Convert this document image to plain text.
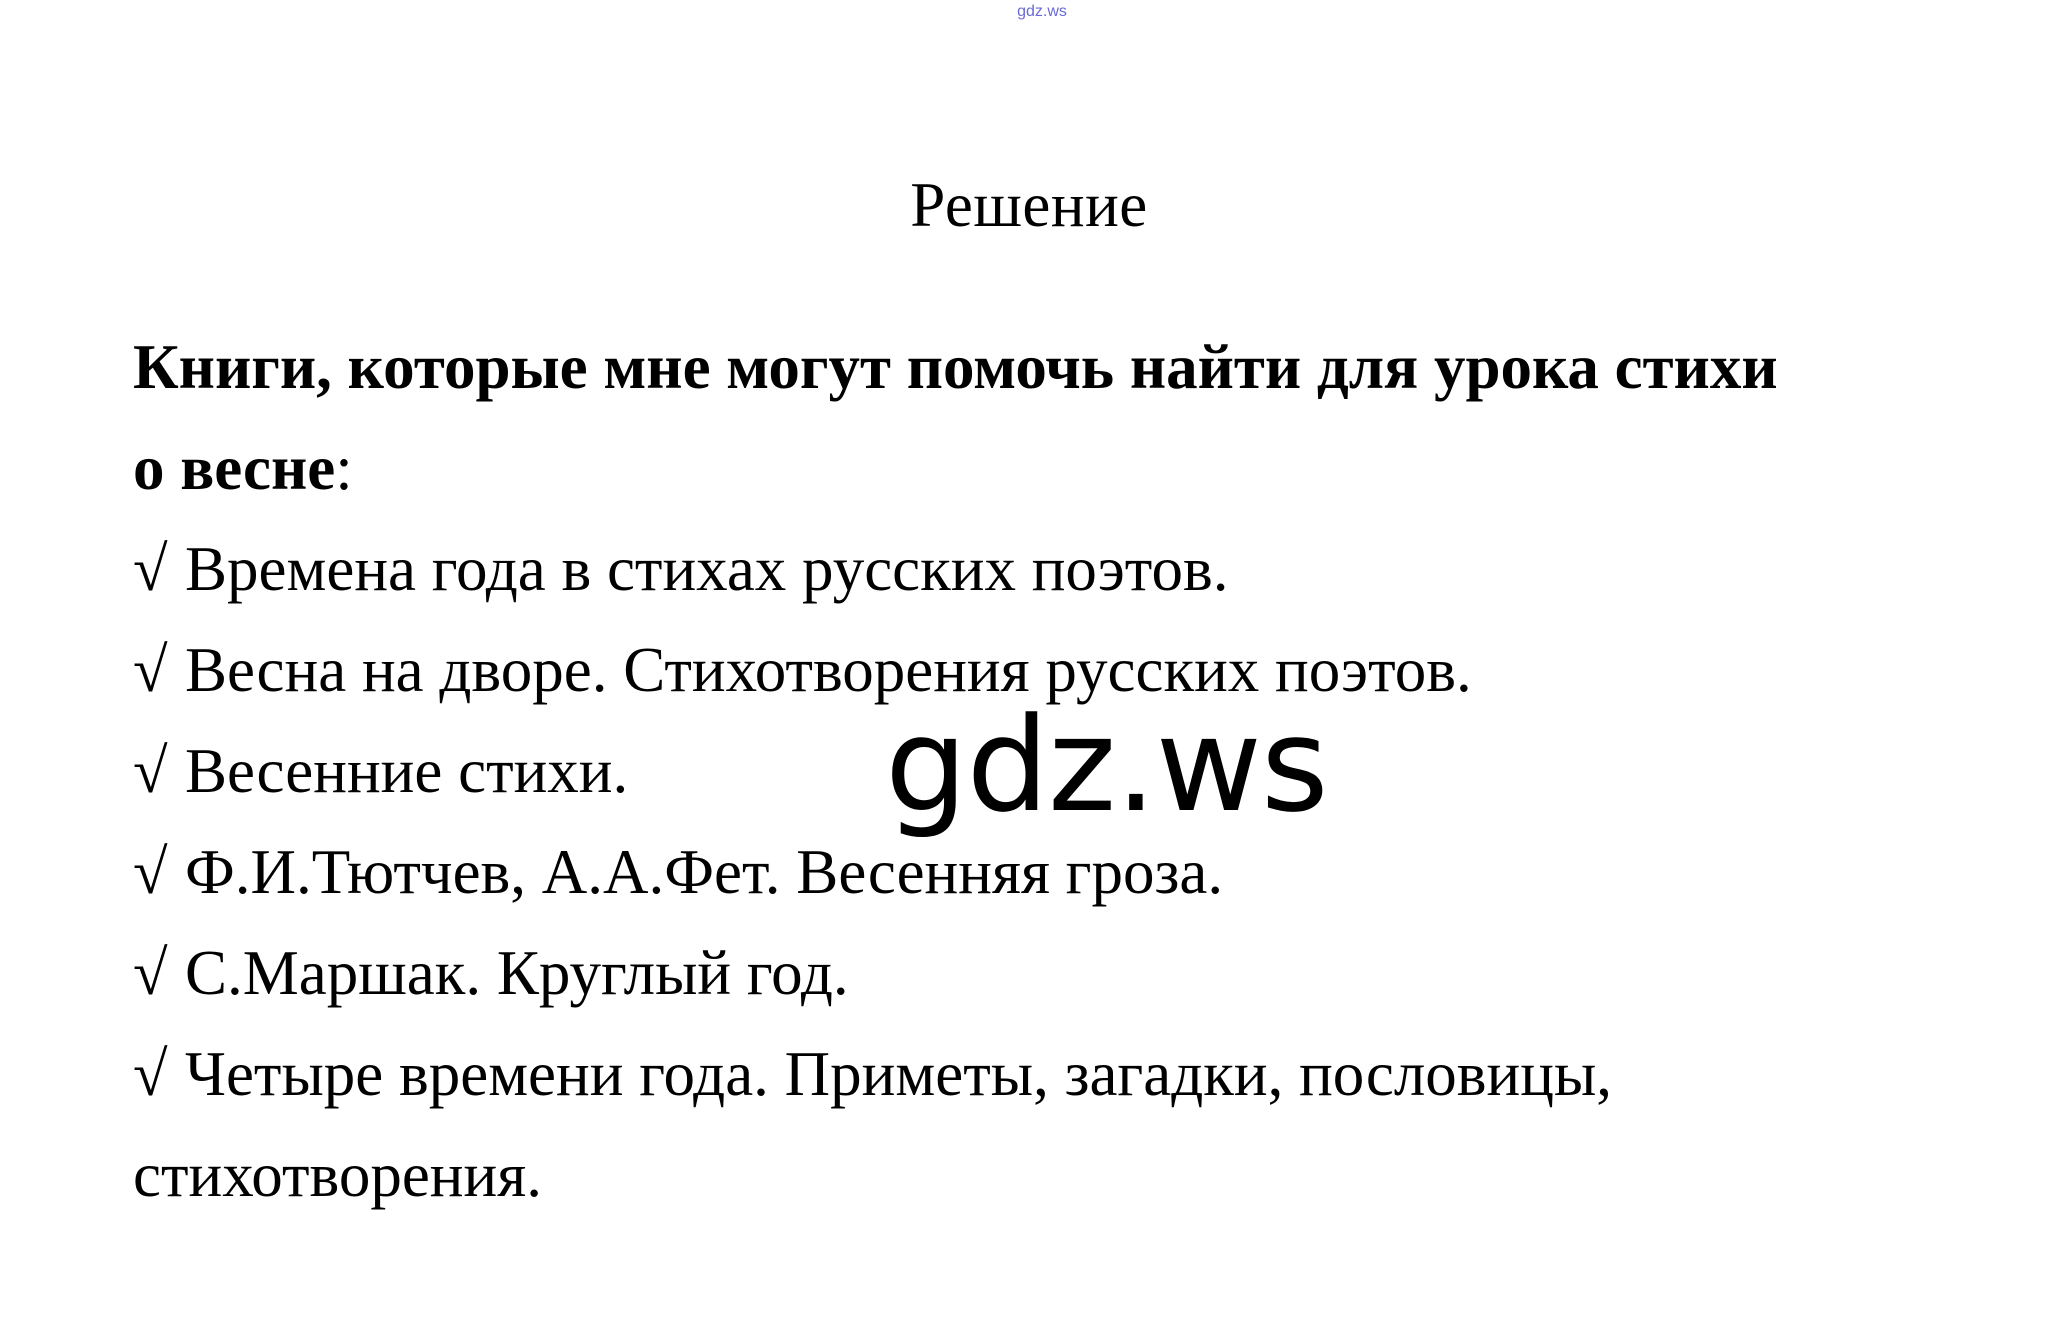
gdz.ws
Решение
Книги, которые мне могут помочь найти для урока стихи
о весне:
√ Времена года в стихах русских поэтов.
√ Весна на дворе. Стихотворения русских поэтов.
√ Весенние стихи.
√ Ф.И.Тютчев, А.А.Фет. Весенняя гроза.
√ С.Маршак. Круглый год.
√ Четыре времени года. Приметы, загадки, пословицы,
стихотворения.
gdz.ws
